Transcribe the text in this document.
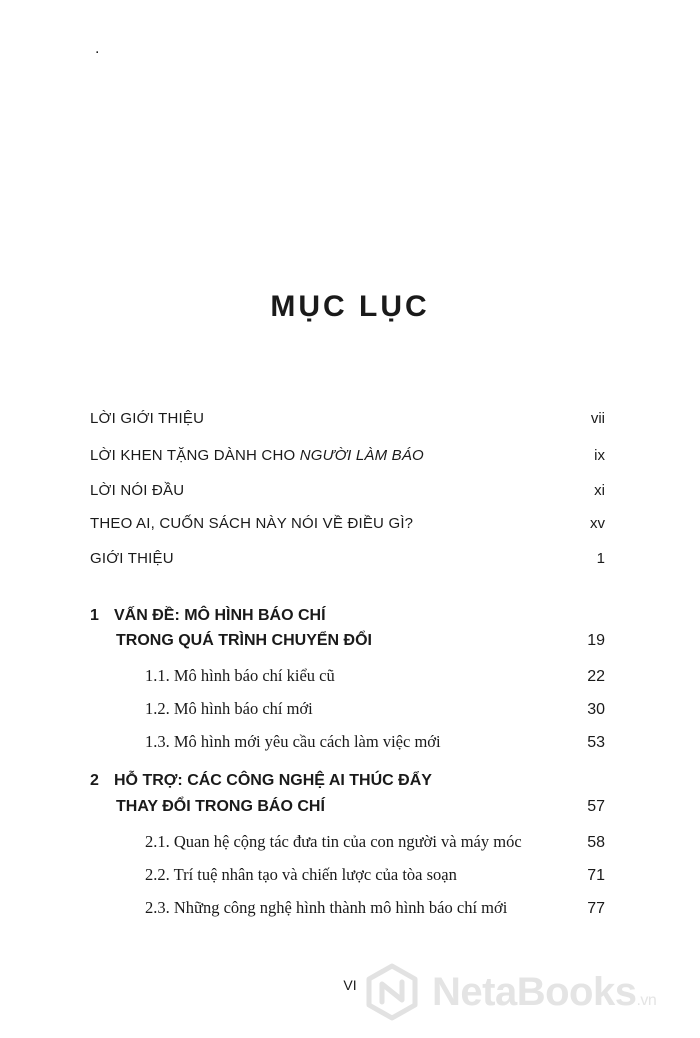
.
MỤC LỤC
LỜI GIỚI THIỆU	vii
LỜI KHEN TẶNG DÀNH CHO NGƯỜI LÀM BÁO	ix
LỜI NÓI ĐẦU	xi
THEO AI, CUỐN SÁCH NÀY NÓI VỀ ĐIỀU GÌ?	xv
GIỚI THIỆU	1
1 VẤN ĐỀ: MÔ HÌNH BÁO CHÍ
TRONG QUÁ TRÌNH CHUYỂN ĐỔI	19
1.1. Mô hình báo chí kiểu cũ	22
1.2. Mô hình báo chí mới	30
1.3. Mô hình mới yêu cầu cách làm việc mới	53
2 HỖ TRỢ: CÁC CÔNG NGHỆ AI THÚC ĐẨY
THAY ĐỔI TRONG BÁO CHÍ	57
2.1. Quan hệ cộng tác đưa tin của con người và máy móc	58
2.2. Trí tuệ nhân tạo và chiến lược của tòa soạn	71
2.3. Những công nghệ hình thành mô hình báo chí mới	77
VI	NetaBooks.vn
